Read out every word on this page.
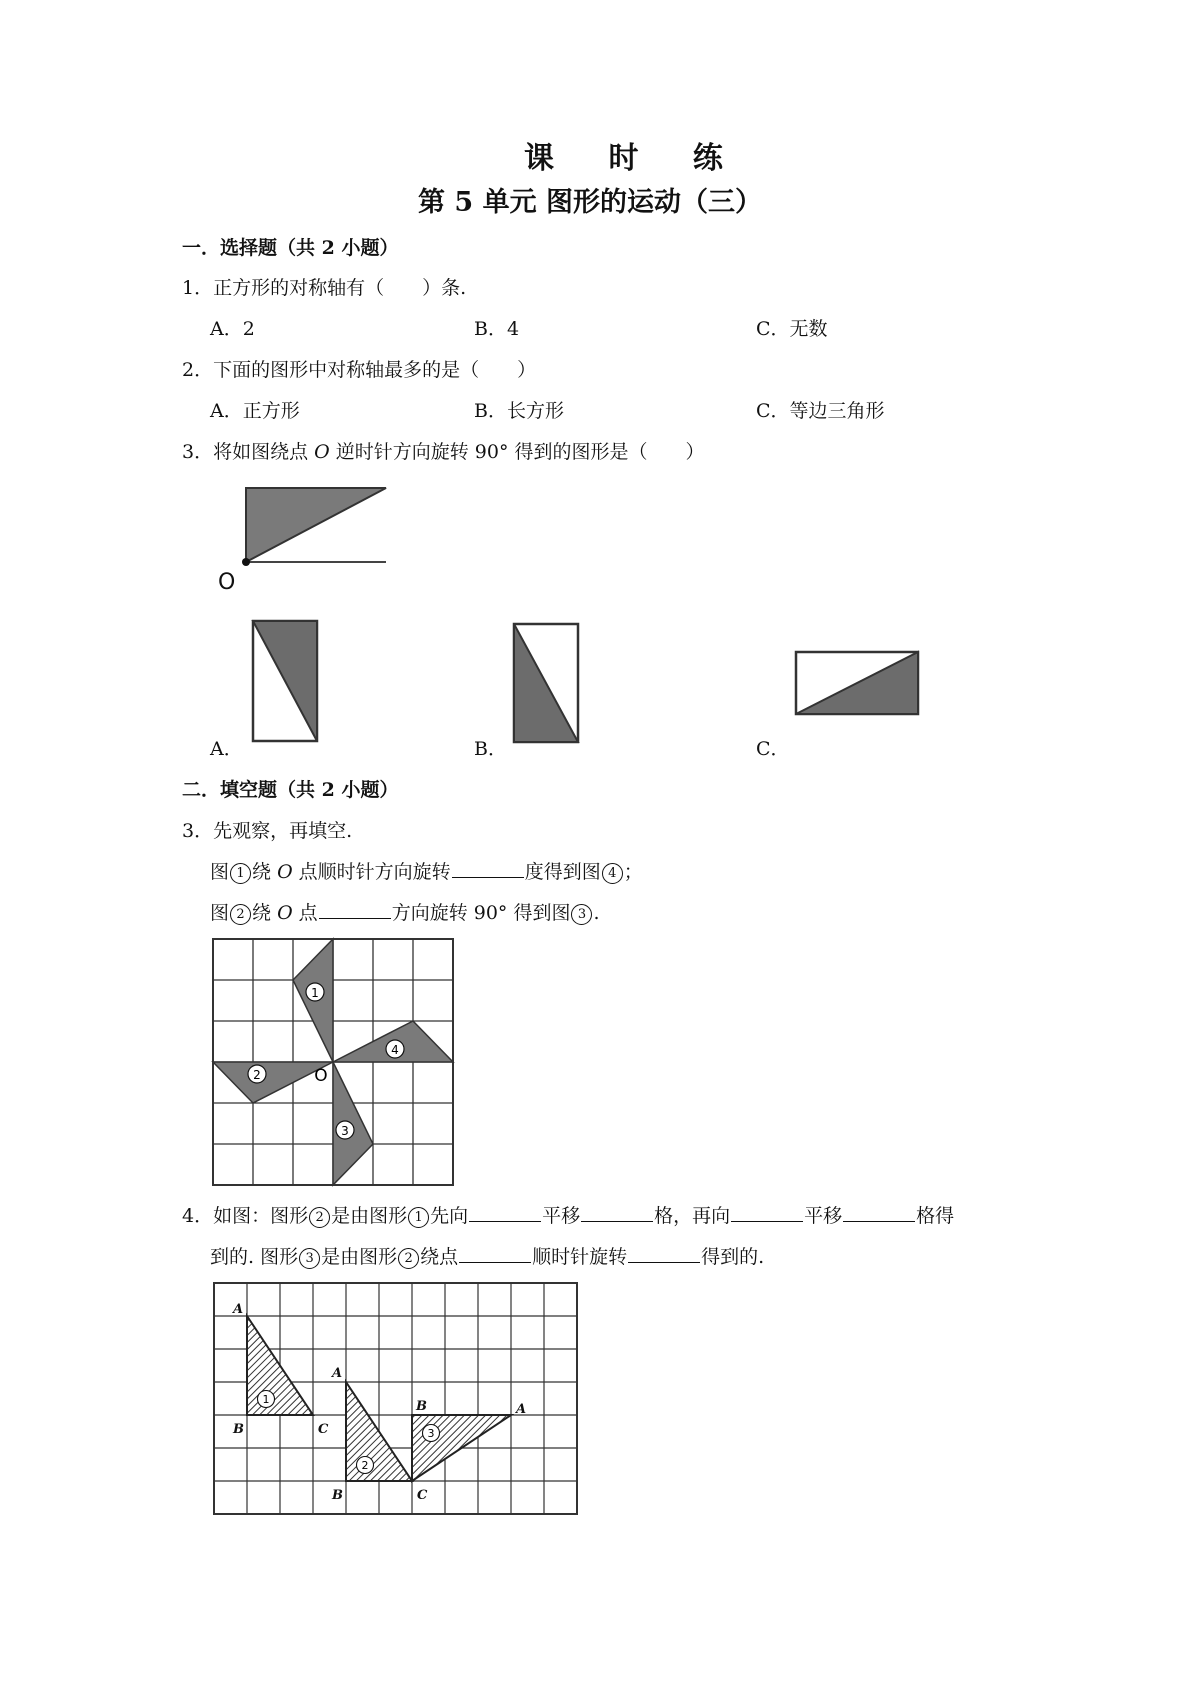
课 时 练
第 5 单元 图形的运动（三）
一．选择题（共 2 小题）
1．正方形的对称轴有（　　）条.
A．2	B．4	C．无数
2．下面的图形中对称轴最多的是（　　）
A．正方形	B．长方形	C．等边三角形
3．将如图绕点 O 逆时针方向旋转 90° 得到的图形是（　　）
O
A．	B．	C．
二．填空题（共 2 小题）
3．先观察，再填空.
图 1 绕 O 点顺时针方向旋转	度得到图 4 ；
图 2 绕 O 点	方向旋转 90° 得到图 3 .
1
4
2
3
O
4．如图：图形 2 是由图形 1 先向	平移	格，再向	平移	格得
到的. 图形 3 是由图形 2 绕点	顺时针旋转	得到的.
A
B	C
A
B	C
B	A
1
2
3
